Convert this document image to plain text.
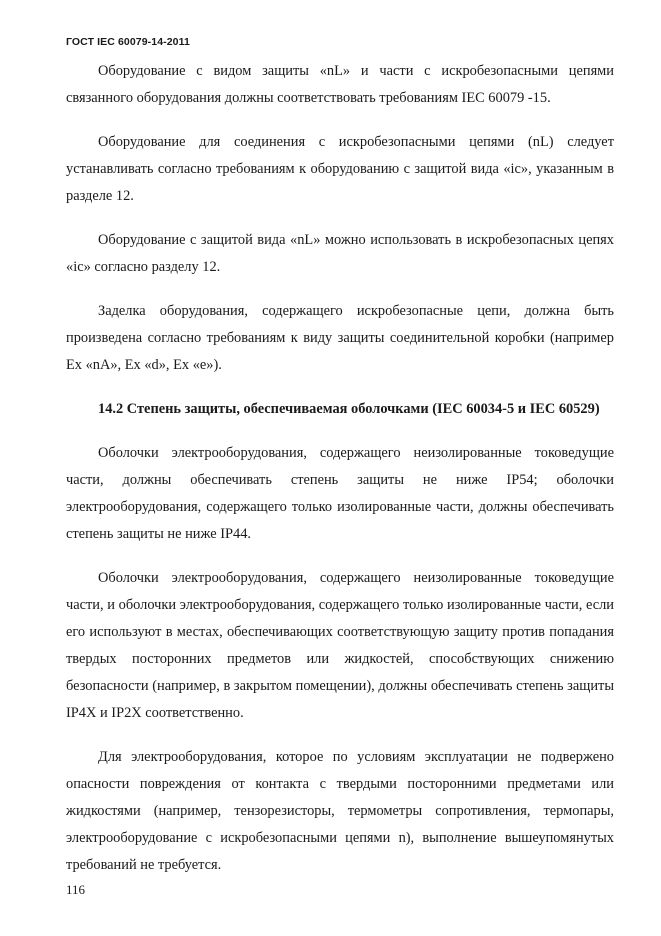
ГОСТ IEC 60079-14-2011

Оборудование с видом защиты «nL» и части с искробезопасными цепями связанного оборудования должны соответствовать требованиям IEC 60079 -15.

Оборудование для соединения с искробезопасными цепями (nL) следует устанавливать согласно требованиям к оборудованию с защитой вида «ic», указанным в разделе 12.

Оборудование с защитой вида «nL» можно использовать в искробезопасных цепях «ic» согласно разделу 12.

Заделка оборудования, содержащего искробезопасные цепи, должна быть произведена согласно требованиям к виду защиты соединительной коробки (например Ex «nA», Ex «d», Ex «e»).

14.2 Степень защиты, обеспечиваемая оболочками (IEC 60034-5 и IEC 60529)

Оболочки электрооборудования, содержащего неизолированные токоведущие части, должны обеспечивать степень защиты не ниже IP54; оболочки электрооборудования, содержащего только изолированные части, должны обеспечивать степень защиты не ниже IP44.

Оболочки электрооборудования, содержащего неизолированные токоведущие части, и оболочки электрооборудования, содержащего только изолированные части, если его используют в местах, обеспечивающих соответствующую защиту против попадания твердых посторонних предметов или жидкостей, способствующих снижению безопасности (например, в закрытом помещении), должны обеспечивать степень защиты IP4X и IP2X соответственно.

Для электрооборудования, которое по условиям эксплуатации не подвержено опасности повреждения от контакта с твердыми посторонними предметами или жидкостями (например, тензорезисторы, термометры сопротивления, термопары, электрооборудование с искробезопасными цепями n), выполнение вышеупомянутых требований не требуется.

116
